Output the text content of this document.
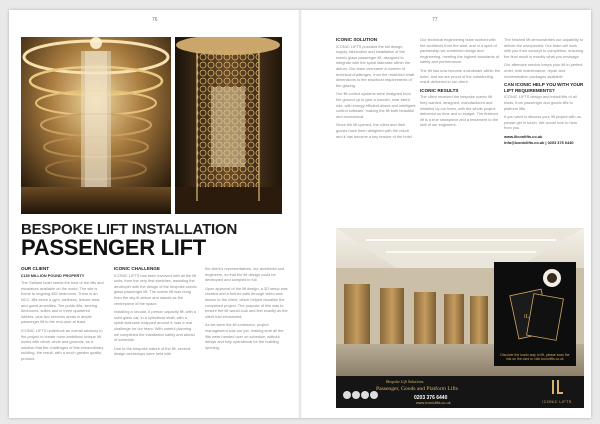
76
BESPOKE LIFT INSTALLATION
PASSENGER LIFT
OUR CLIENT
£135 MILLION POUND PROPERTY

The Galliard hotel needs the best of the lifts and escalators available on the world. The site is home to ongoing 452 bedrooms. There is an NCC, lifts serve a gym, wellness, leisure area, and guest amenities. Ten public lifts, serving bedrooms, suites and in three quartered lobbies, plus two services areas in ample passenger lift to the end-user at least.

ICONIC LIFTS undertook an overall advisory to the project to create more ambitious unique lift works with clever circle and grounds, as a solution that the challenges of this extraordinary building, the result, with a much greater quality product.

ICONIC CHALLENGE

ICONIC LIFTS has been involved with all the lift units, from the very first sketches, assisting the developer with the design of the bespoke scenic glass passenger lift. The scenic lift was hung from the sky-lit atrium and stands as the centrepiece of the space.

Installing a circular, 8 person capacity lift, with a solid glass car, in a cylindrical shaft, with a spiral staircase wrapped around it, was a real challenge for our team. With careful planning we completed the installation safely and ahead of schedule.

Due to the bespoke nature of the lift, several design workshops were held with

the client's representatives, our architects and engineers, so that the lift design could be developed and sampled in full.

Upon approval of the lift design, a 3D setup was created and a further walk through video was shown to the client, which helped visualise the completed project. The purpose of this was to ensure the lift would look and feel exactly as the client had envisioned.

As we were the lift contractor, project management was our job, making sure all the lifts were handed over on schedule, without delays and fully operational for the building opening.

77
ICONIC SOLUTION

ICONIC LIFTS provided the full design, supply, fabrication and installation of the scenic glass passenger lift, designed to integrate with the spiral staircase within the atrium. Our team overcame a number of technical challenges, from the restricted shaft dimensions to the structural requirements of the glazing.

Our lift control systems were designed from the ground up to give a smooth, near silent ride, with energy efficient drives and intelligent control software, making the lift both beautiful and economical.

Since the lift opened, the client and their guests have been delighted with the result and it has become a key feature of the hotel.

Our technical engineering team worked with the architects from the start, and in a spirit of partnership we combined design and engineering, meeting the highest standards of safety and performance.

The lift has now become a landmark within the hotel, and we are proud of the outstanding result delivered to our client.

ICONIC RESULTS

The client received the bespoke scenic lift they wanted, designed, manufactured and installed by our team, with the whole project delivered on time and to budget. The finished lift is a true showpiece and a testament to the skill of our engineers.

The finished lift demonstrates our capability to deliver the unexpected. Our team will work with you from concept to completion, ensuring the final result is exactly what you envisage.

Our aftercare service keeps your lift in perfect order, with maintenance, repair and modernisation packages available.

CAN ICONIC HELP YOU WITH YOUR LIFT REQUIREMENTS?

ICONIC LIFTS design and install lifts of all kinds, from passenger and goods lifts to platform lifts.

If you want to discuss your lift project with us, please get in touch. We would love to hear from you.

www.iliconlifts.co.uk
info@iconiclifts.co.uk | 0203 376 6440
iL
Discover the iconic way to lift, please scan the link on the card or visit iconiclifts.co.uk
Bespoke Lift Solutions
Passenger, Goods and Platform Lifts
0203 376 6440
www.iconiclifts.co.uk	ICONIC LIFTS
